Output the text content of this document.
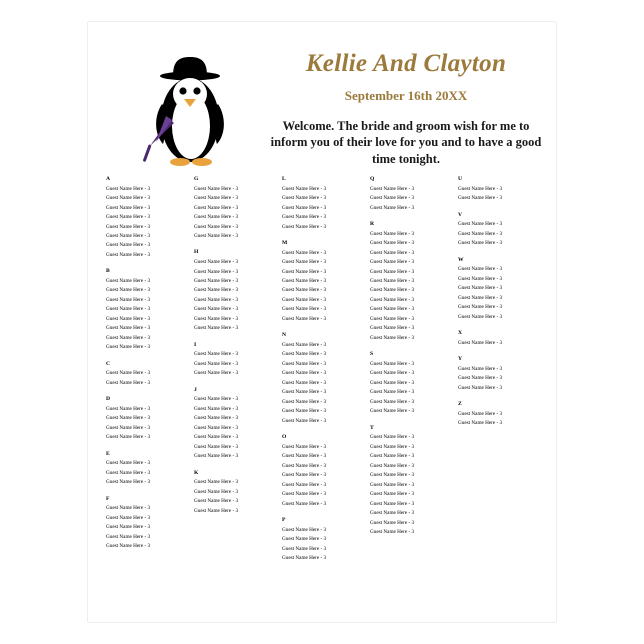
Kellie And Clayton
September 16th 20XX

Welcome. The bride and groom wish for me to inform you of their love for you and to have a good time tonight.

A
Guest Name Here - 3
Guest Name Here - 3
Guest Name Here - 3
Guest Name Here - 3
Guest Name Here - 3
Guest Name Here - 3
Guest Name Here - 3
Guest Name Here - 3
B
Guest Name Here - 3
Guest Name Here - 3
Guest Name Here - 3
Guest Name Here - 3
Guest Name Here - 3
Guest Name Here - 3
Guest Name Here - 3
Guest Name Here - 3
C
Guest Name Here - 3
Guest Name Here - 3
D
Guest Name Here - 3
Guest Name Here - 3
Guest Name Here - 3
Guest Name Here - 3
E
Guest Name Here - 3
Guest Name Here - 3
Guest Name Here - 3
F
Guest Name Here - 3
Guest Name Here - 3
Guest Name Here - 3
Guest Name Here - 3
Guest Name Here - 3
G
Guest Name Here - 3
Guest Name Here - 3
Guest Name Here - 3
Guest Name Here - 3
Guest Name Here - 3
Guest Name Here - 3
H
Guest Name Here - 3
Guest Name Here - 3
Guest Name Here - 3
Guest Name Here - 3
Guest Name Here - 3
Guest Name Here - 3
Guest Name Here - 3
Guest Name Here - 3
I
Guest Name Here - 3
Guest Name Here - 3
Guest Name Here - 3
J
Guest Name Here - 3
Guest Name Here - 3
Guest Name Here - 3
Guest Name Here - 3
Guest Name Here - 3
Guest Name Here - 3
Guest Name Here - 3
K
Guest Name Here - 3
Guest Name Here - 3
Guest Name Here - 3
Guest Name Here - 3
L
Guest Name Here - 3
Guest Name Here - 3
Guest Name Here - 3
Guest Name Here - 3
Guest Name Here - 3
M
Guest Name Here - 3
Guest Name Here - 3
Guest Name Here - 3
Guest Name Here - 3
Guest Name Here - 3
Guest Name Here - 3
Guest Name Here - 3
Guest Name Here - 3
N
Guest Name Here - 3
Guest Name Here - 3
Guest Name Here - 3
Guest Name Here - 3
Guest Name Here - 3
Guest Name Here - 3
Guest Name Here - 3
Guest Name Here - 3
Guest Name Here - 3
O
Guest Name Here - 3
Guest Name Here - 3
Guest Name Here - 3
Guest Name Here - 3
Guest Name Here - 3
Guest Name Here - 3
Guest Name Here - 3
P
Guest Name Here - 3
Guest Name Here - 3
Guest Name Here - 3
Guest Name Here - 3
Q
Guest Name Here - 3
Guest Name Here - 3
Guest Name Here - 3
R
Guest Name Here - 3
Guest Name Here - 3
Guest Name Here - 3
Guest Name Here - 3
Guest Name Here - 3
Guest Name Here - 3
Guest Name Here - 3
Guest Name Here - 3
Guest Name Here - 3
Guest Name Here - 3
Guest Name Here - 3
Guest Name Here - 3
S
Guest Name Here - 3
Guest Name Here - 3
Guest Name Here - 3
Guest Name Here - 3
Guest Name Here - 3
Guest Name Here - 3
T
Guest Name Here - 3
Guest Name Here - 3
Guest Name Here - 3
Guest Name Here - 3
Guest Name Here - 3
Guest Name Here - 3
Guest Name Here - 3
Guest Name Here - 3
Guest Name Here - 3
Guest Name Here - 3
Guest Name Here - 3
U
Guest Name Here - 3
Guest Name Here - 3
V
Guest Name Here - 3
Guest Name Here - 3
Guest Name Here - 3
W
Guest Name Here - 3
Guest Name Here - 3
Guest Name Here - 3
Guest Name Here - 3
Guest Name Here - 3
Guest Name Here - 3
X
Guest Name Here - 3
Y
Guest Name Here - 3
Guest Name Here - 3
Guest Name Here - 3
Z
Guest Name Here - 3
Guest Name Here - 3
